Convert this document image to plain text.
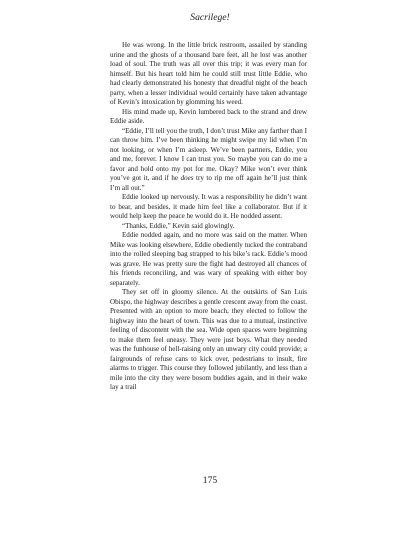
Sacrilege!

He was wrong. In the little brick restroom, assailed by standing urine and the ghosts of a thousand bare feet, all he lost was another load of soul. The truth was all over this trip; it was every man for himself. But his heart told him he could still trust little Eddie, who had clearly demonstrated his honesty that dreadful night of the beach party, when a lesser individual would certainly have taken advantage of Kevin’s intoxication by glomming his weed.

His mind made up, Kevin lumbered back to the strand and drew Eddie aside.

“Eddie, I’ll tell you the truth, I don’t trust Mike any farther than I can throw him. I’ve been thinking he might swipe my lid when I’m not looking, or when I’m asleep. We’ve been partners, Eddie, you and me, forever. I know I can trust you. So maybe you can do me a favor and hold onto my pot for me. Okay? Mike won’t ever think you’ve got it, and if he does try to rip me off again he’ll just think I’m all out.”

Eddie looked up nervously. It was a responsibility he didn’t want to bear, and besides, it made him feel like a collaborator. But if it would help keep the peace he would do it. He nodded assent.

“Thanks, Eddie,” Kevin said glowingly.

Eddie nodded again, and no more was said on the matter. When Mike was looking elsewhere, Eddie obediently tucked the contraband into the rolled sleeping bag strapped to his bike’s rack. Eddie’s mood was grave. He was pretty sure the fight had destroyed all chances of his friends reconciling, and was wary of speaking with either boy separately.

They set off in gloomy silence. At the outskirts of San Luis Obispo, the highway describes a gentle crescent away from the coast. Presented with an option to more beach, they elected to follow the highway into the heart of town. This was due to a mutual, instinctive feeling of discontent with the sea. Wide open spaces were beginning to make them feel uneasy. They were just boys. What they needed was the funhouse of hell-raising only an unwary city could provide; a fairgrounds of refuse cans to kick over, pedestrians to insult, fire alarms to trigger. This course they followed jubilantly, and less than a mile into the city they were bosom buddies again, and in their wake lay a trail

175
